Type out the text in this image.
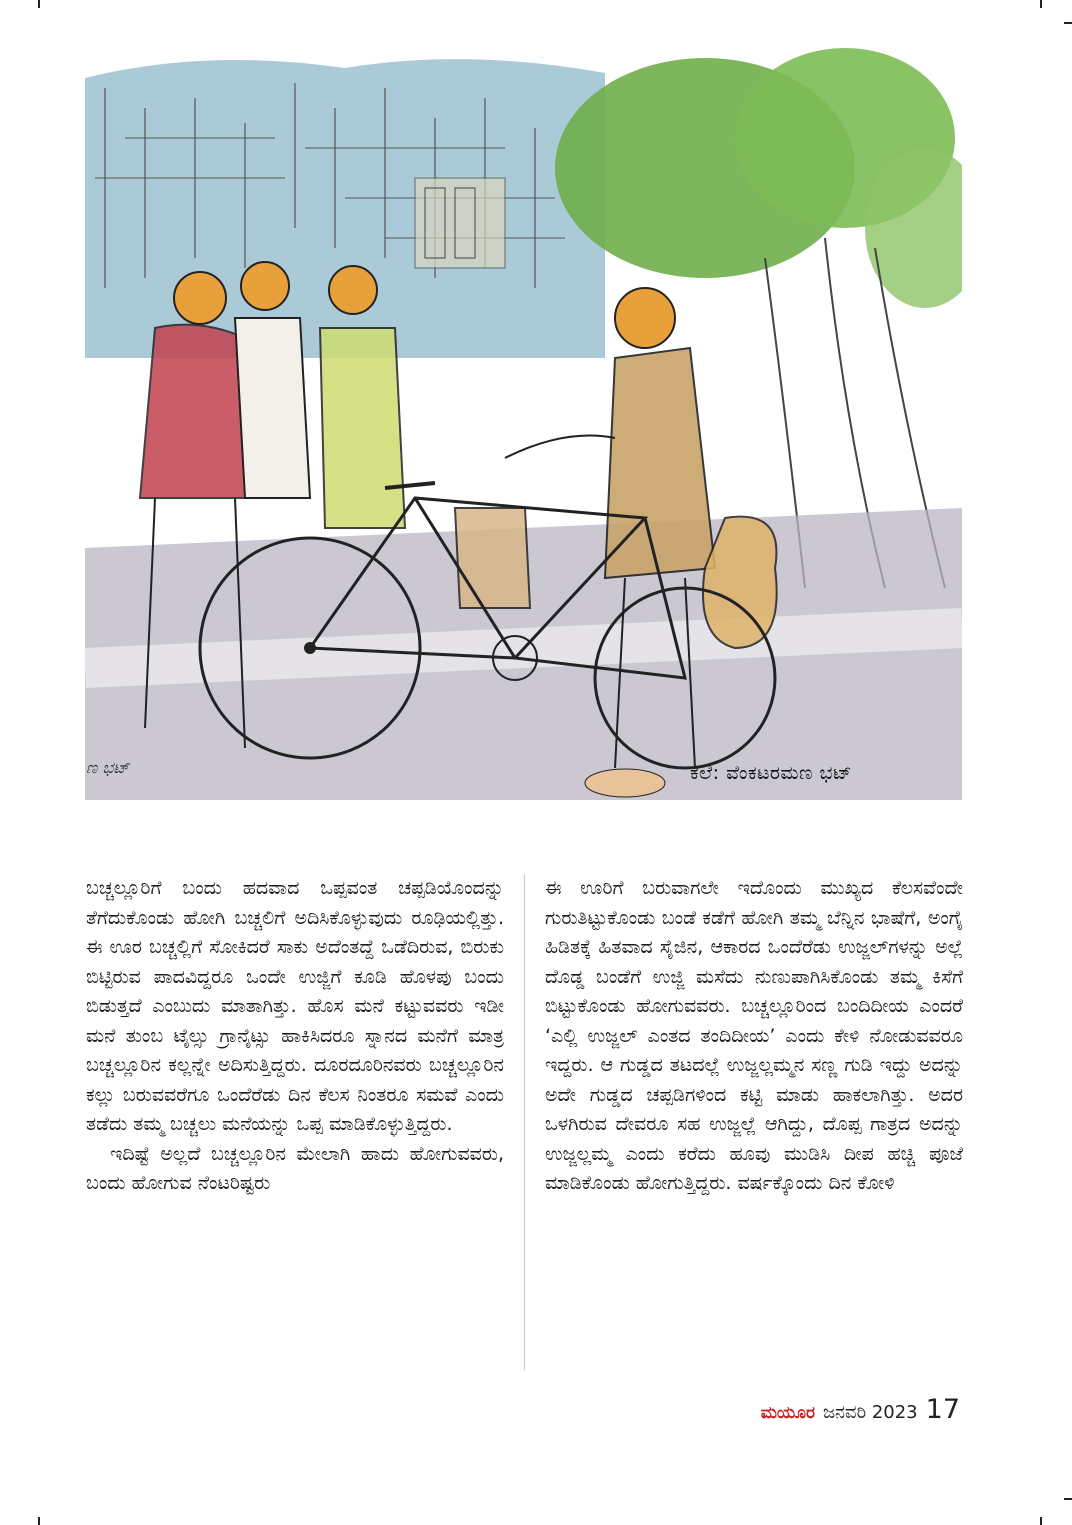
ಣ ಭಟ್	ಕಲೆ: ವೆಂಕಟರಮಣ ಭಟ್

ಬಚ್ಚಲ್ಲೂರಿಗೆ ಬಂದು ಹದವಾದ ಒಪ್ಪವಂತ ಚಪ್ಪಡಿಯೊಂದನ್ನು ತೆಗೆದುಕೊಂಡು ಹೋಗಿ ಬಚ್ಚಲಿಗೆ ಅದಿಸಿಕೊಳ್ಳುವುದು ರೂಢಿಯಲ್ಲಿತ್ತು. ಈ ಊರ ಬಚ್ಚಲ್ಲಿಗೆ ಸೋಕಿದರೆ ಸಾಕು ಅದೆಂತದ್ದೆ ಒಡೆದಿರುವ, ಬಿರುಕು ಬಿಟ್ಟಿರುವ ಪಾದವಿದ್ದರೂ ಒಂದೇ ಉಜ್ಜಿಗೆ ಕೂಡಿ ಹೊಳಪು ಬಂದು ಬಿಡುತ್ತದೆ ಎಂಬುದು ಮಾತಾಗಿತ್ತು. ಹೊಸ ಮನೆ ಕಟ್ಟುವವರು ಇಡೀ ಮನೆ ತುಂಬ ಟೈಲ್ಸು ಗ್ರಾನೈಟ್ಸು ಹಾಕಿಸಿದರೂ ಸ್ನಾನದ ಮನೆಗೆ ಮಾತ್ರ ಬಚ್ಚಲ್ಲೂರಿನ ಕಲ್ಲನ್ನೇ ಅದಿಸುತ್ತಿದ್ದರು. ದೂರದೂರಿನವರು ಬಚ್ಚಲ್ಲೂರಿನ ಕಲ್ಲು ಬರುವವರೆಗೂ ಒಂದೆರೆಡು ದಿನ ಕೆಲಸ ನಿಂತರೂ ಸಮವೆ ಎಂದು ತಡೆದು ತಮ್ಮ ಬಚ್ಚಲು ಮನೆಯನ್ನು ಒಪ್ಪ ಮಾಡಿಕೊಳ್ಳುತ್ತಿದ್ದರು.

ಇದಿಷ್ಟೆ ಅಲ್ಲದೆ ಬಚ್ಚಲ್ಲೂರಿನ ಮೇಲಾಗಿ ಹಾದು ಹೋಗುವವರು, ಬಂದು ಹೋಗುವ ನೆಂಟರಿಷ್ಟರು

ಈ ಊರಿಗೆ ಬರುವಾಗಲೇ ಇದೊಂದು ಮುಖ್ಯದ ಕೆಲಸವೆಂದೇ ಗುರುತಿಟ್ಟುಕೊಂಡು ಬಂಡೆ ಕಡೆಗೆ ಹೋಗಿ ತಮ್ಮ ಬೆನ್ನಿನ ಭಾಷೆಗೆ, ಅಂಗೈ ಹಿಡಿತಕ್ಕೆ ಹಿತವಾದ ಸೈಜಿನ, ಆಕಾರದ ಒಂದೆರೆಡು ಉಜ್ಜಲ್‌ಗಳನ್ನು ಅಲ್ಲೆ ದೊಡ್ಡ ಬಂಡೆಗೆ ಉಜ್ಜಿ ಮಸೆದು ನುಣುಪಾಗಿಸಿಕೊಂಡು ತಮ್ಮ ಕಿಸೆಗೆ ಬಿಟ್ಟುಕೊಂಡು ಹೋಗುವವರು. ಬಚ್ಚಲ್ಲೂರಿಂದ ಬಂದಿದೀಯ ಎಂದರೆ ‘ಎಲ್ಲಿ ಉಜ್ಜಲ್ ಎಂತದ ತಂದಿದೀಯ’ ಎಂದು ಕೇಳಿ ನೋಡುವವರೂ ಇದ್ದರು. ಆ ಗುಡ್ಡದ ತಟದಲ್ಲೆ ಉಜ್ಜಲ್ಲಮ್ಮನ ಸಣ್ಣ ಗುಡಿ ಇದ್ದು ಅದನ್ನು ಅದೇ ಗುಡ್ಡದ ಚಪ್ಪಡಿಗಳಿಂದ ಕಟ್ಟಿ ಮಾಡು ಹಾಕಲಾಗಿತ್ತು. ಅದರ ಒಳಗಿರುವ ದೇವರೂ ಸಹ ಉಜ್ಜಲ್ಲೆ ಆಗಿದ್ದು, ದೊಪ್ಪ ಗಾತ್ರದ ಅದನ್ನು ಉಜ್ಜಲ್ಲಮ್ಮ ಎಂದು ಕರೆದು ಹೂವು ಮುಡಿಸಿ ದೀಪ ಹಚ್ಚಿ ಪೂಜೆ ಮಾಡಿಕೊಂಡು ಹೋಗುತ್ತಿದ್ದರು. ವರ್ಷಕ್ಕೊಂದು ದಿನ ಕೋಳಿ

ಮಯೂರ ಜನವರಿ 2023 17
